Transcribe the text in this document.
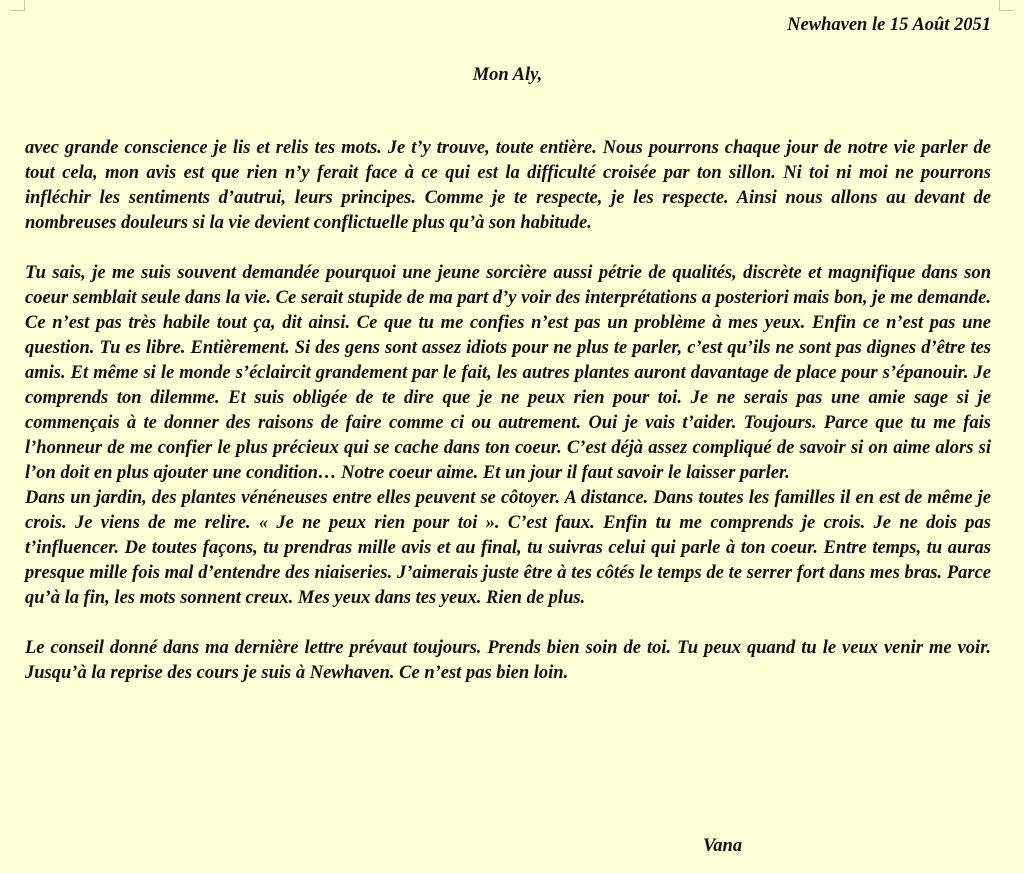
Newhaven le 15 Août 2051
Mon Aly,

avec grande conscience je lis et relis tes mots. Je t’y trouve, toute entière. Nous pourrons chaque jour de notre vie parler de tout cela, mon avis est que rien n’y ferait face à ce qui est la difficulté croisée par ton sillon. Ni toi ni moi ne pourrons infléchir les sentiments d’autrui, leurs principes. Comme je te respecte, je les respecte. Ainsi nous allons au devant de nombreuses douleurs si la vie devient conflictuelle plus qu’à son habitude.

Tu sais, je me suis souvent demandée pourquoi une jeune sorcière aussi pétrie de qualités, discrète et magnifique dans son coeur semblait seule dans la vie. Ce serait stupide de ma part d’y voir des interprétations a posteriori mais bon, je me demande. Ce n’est pas très habile tout ça, dit ainsi. Ce que tu me confies n’est pas un problème à mes yeux. Enfin ce n’est pas une question. Tu es libre. Entièrement. Si des gens sont assez idiots pour ne plus te parler, c’est qu’ils ne sont pas dignes d’être tes amis. Et même si le monde s’éclaircit grandement par le fait, les autres plantes auront davantage de place pour s’épanouir. Je comprends ton dilemme. Et suis obligée de te dire que je ne peux rien pour toi. Je ne serais pas une amie sage si je commençais à te donner des raisons de faire comme ci ou autrement. Oui je vais t’aider. Toujours. Parce que tu me fais l’honneur de me confier le plus précieux qui se cache dans ton coeur. C’est déjà assez compliqué de savoir si on aime alors si l’on doit en plus ajouter une condition… Notre coeur aime. Et un jour il faut savoir le laisser parler.

Dans un jardin, des plantes vénéneuses entre elles peuvent se côtoyer. A distance. Dans toutes les familles il en est de même je crois. Je viens de me relire. « Je ne peux rien pour toi ». C’est faux. Enfin tu me comprends je crois. Je ne dois pas t’influencer. De toutes façons, tu prendras mille avis et au final, tu suivras celui qui parle à ton coeur. Entre temps, tu auras presque mille fois mal d’entendre des niaiseries. J’aimerais juste être à tes côtés le temps de te serrer fort dans mes bras. Parce qu’à la fin, les mots sonnent creux. Mes yeux dans tes yeux. Rien de plus.

Le conseil donné dans ma dernière lettre prévaut toujours. Prends bien soin de toi. Tu peux quand tu le veux venir me voir. Jusqu’à la reprise des cours je suis à Newhaven. Ce n’est pas bien loin.

Vana
